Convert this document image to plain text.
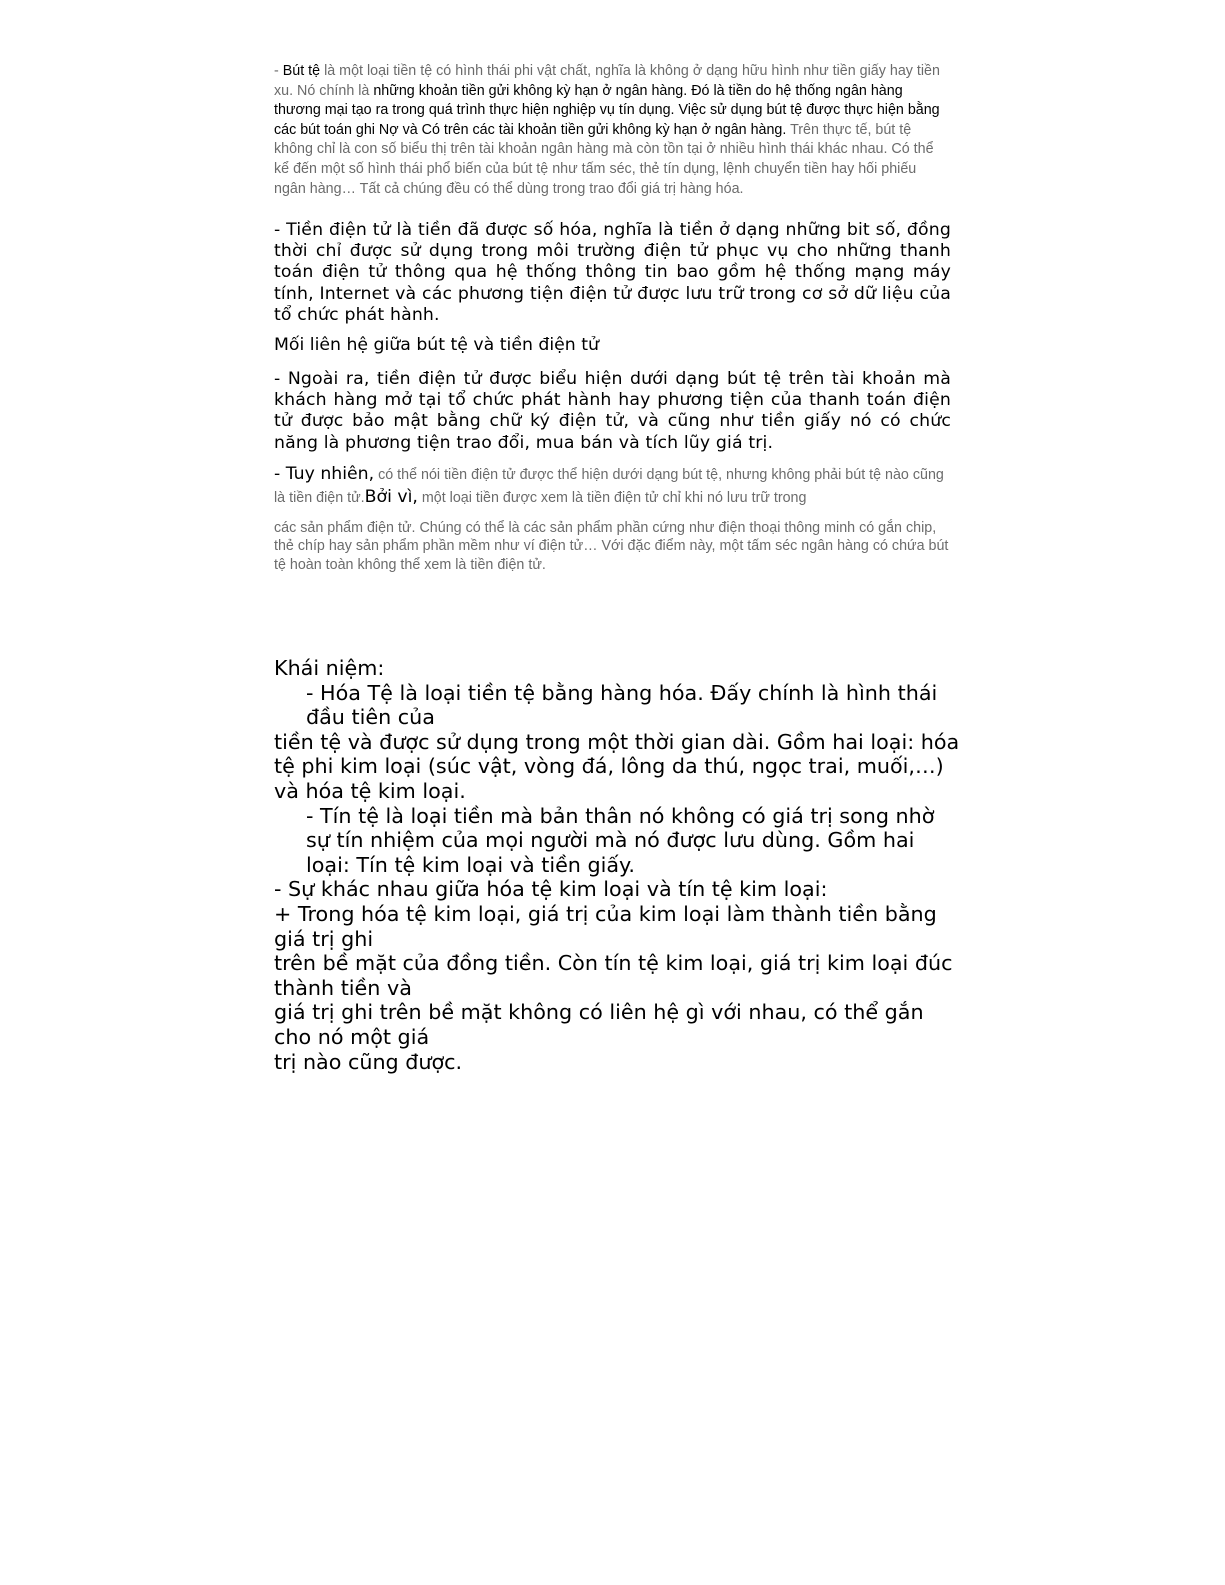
- Bút tệ là một loại tiền tệ có hình thái phi vật chất, nghĩa là không ở dạng hữu hình như tiền giấy hay tiền xu. Nó chính là những khoản tiền gửi không kỳ hạn ở ngân hàng. Đó là tiền do hệ thống ngân hàng thương mại tạo ra trong quá trình thực hiện nghiệp vụ tín dụng. Việc sử dụng bút tệ được thực hiện bằng các bút toán ghi Nợ và Có trên các tài khoản tiền gửi không kỳ hạn ở ngân hàng. Trên thực tế, bút tệ không chỉ là con số biểu thị trên tài khoản ngân hàng mà còn tồn tại ở nhiều hình thái khác nhau. Có thể kể đến một số hình thái phổ biến của bút tệ như tấm séc, thẻ tín dụng, lệnh chuyển tiền hay hối phiếu ngân hàng… Tất cả chúng đều có thể dùng trong trao đổi giá trị hàng hóa.

- Tiền điện tử là tiền đã được số hóa, nghĩa là tiền ở dạng những bit số, đồng thời chỉ được sử dụng trong môi trường điện tử phục vụ cho những thanh toán điện tử thông qua hệ thống thông tin bao gồm hệ thống mạng máy tính, Internet và các phương tiện điện tử được lưu trữ trong cơ sở dữ liệu của tổ chức phát hành.

Mối liên hệ giữa bút tệ và tiền điện tử

- Ngoài ra, tiền điện tử được biểu hiện dưới dạng bút tệ trên tài khoản mà khách hàng mở tại tổ chức phát hành hay phương tiện của thanh toán điện tử được bảo mật bằng chữ ký điện tử, và cũng như tiền giấy nó có chức năng là phương tiện trao đổi, mua bán và tích lũy giá trị.

- Tuy nhiên, có thể nói tiền điện tử được thể hiện dưới dạng bút tệ, nhưng không phải bút tệ nào cũng là tiền điện tử.Bởi vì, một loại tiền được xem là tiền điện tử chỉ khi nó lưu trữ trong

các sản phẩm điện tử. Chúng có thể là các sản phẩm phần cứng như điện thoại thông minh có gắn chip, thẻ chíp hay sản phẩm phần mềm như ví điện tử… Với đặc điểm này, một tấm séc ngân hàng có chứa bút tệ hoàn toàn không thể xem là tiền điện tử.

Khái niệm:

- Hóa Tệ là loại tiền tệ bằng hàng hóa. Đấy chính là hình thái đầu tiên của

tiền tệ và được sử dụng trong một thời gian dài. Gồm hai loại: hóa tệ phi kim loại (súc vật, vòng đá, lông da thú, ngọc trai, muối,…) và hóa tệ kim loại.

- Tín tệ là loại tiền mà bản thân nó không có giá trị song nhờ sự tín nhiệm của mọi người mà nó được lưu dùng. Gồm hai loại: Tín tệ kim loại và tiền giấy.

- Sự khác nhau giữa hóa tệ kim loại và tín tệ kim loại:

+ Trong hóa tệ kim loại, giá trị của kim loại làm thành tiền bằng giá trị ghi

trên bề mặt của đồng tiền. Còn tín tệ kim loại, giá trị kim loại đúc thành tiền và

giá trị ghi trên bề mặt không có liên hệ gì với nhau, có thể gắn cho nó một giá

trị nào cũng được.
